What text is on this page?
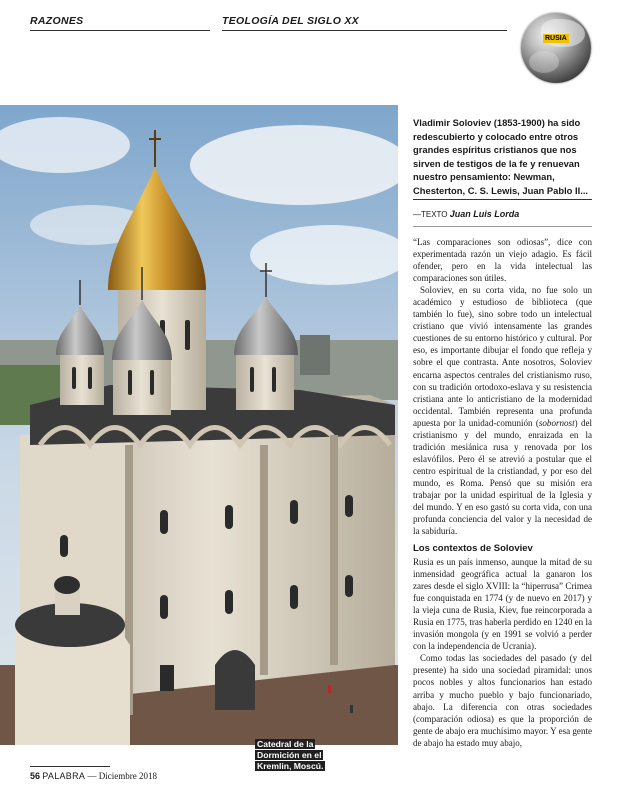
RAZONES	TEOLOGÍA DEL SIGLO XX
RUSIA
Catedral de la Dormición en el Kremlin, Moscú.
Vladimir Soloviev (1853-1900) ha sido redescubierto y colocado entre otros grandes espíritus cristianos que nos sirven de testigos de la fe y renuevan nuestro pensamiento: Newman, Chesterton, C. S. Lewis, Juan Pablo II...
—TEXTO Juan Luis Lorda

“Las comparaciones son odiosas”, dice con experimentada razón un viejo adagio. Es fácil ofender, pero en la vida intelectual las comparaciones son útiles.

Soloviev, en su corta vida, no fue solo un académico y estudioso de biblioteca (que también lo fue), sino sobre todo un intelectual cristiano que vivió intensamente las grandes cuestiones de su entorno histórico y cultural. Por eso, es importante dibujar el fondo que refleja y sobre el que contrasta. Ante nosotros, Soloviev encarna aspectos centrales del cristianismo ruso, con su tradición ortodoxo-eslava y su resistencia cristiana ante lo anticristiano de la modernidad occidental. También representa una profunda apuesta por la unidad-comunión (sobornost) del cristianismo y del mundo, enraizada en la tradición mesiánica rusa y renovada por los eslavófilos. Pero él se atrevió a postular que el centro espiritual de la cristiandad, y por eso del mundo, es Roma. Pensó que su misión era trabajar por la unidad espiritual de la Iglesia y del mundo. Y en eso gastó su corta vida, con una profunda conciencia del valor y la necesidad de la sabiduría.

Los contextos de Soloviev

Rusia es un país inmenso, aunque la mitad de su inmensidad geográfica actual la ganaron los zares desde el siglo XVIII: la “hiperrusa” Crimea fue conquistada en 1774 (y de nuevo en 2017) y la vieja cuna de Rusia, Kiev, fue reincorporada a Rusia en 1775, tras haberla perdido en 1240 en la invasión mongola (y en 1991 se volvió a perder con la independencia de Ucrania).

Como todas las sociedades del pasado (y del presente) ha sido una sociedad piramidal: unos pocos nobles y altos funcionarios han estado arriba y mucho pueblo y bajo funcionariado, abajo. La diferencia con otras sociedades (comparación odiosa) es que la proporción de gente de abajo era muchísimo mayor. Y esa gente de abajo ha estado muy abajo,

56 PALABRA — Diciembre 2018
